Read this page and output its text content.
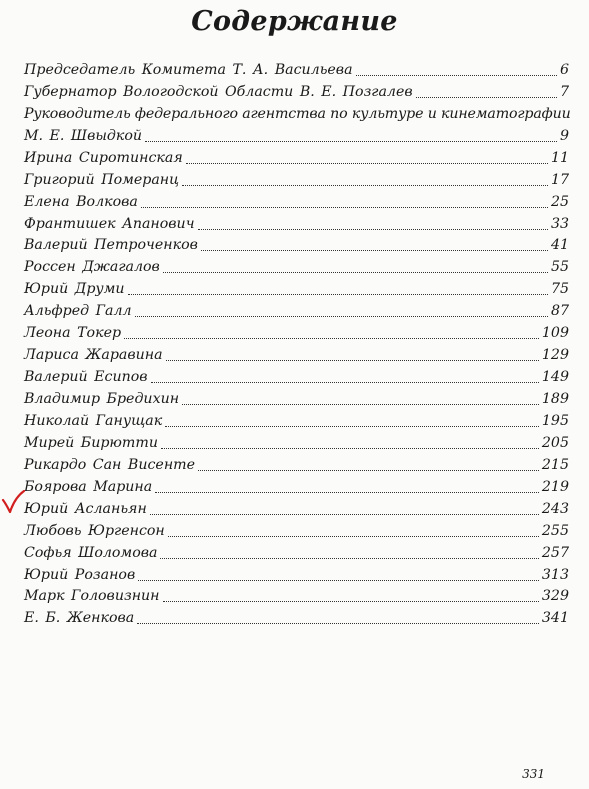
Содержание
Председатель Комитета Т. А. Васильева	6
Губернатор Вологодской Области В. Е. Позгалев	7
Руководитель федерального агентства по культуре и кинематографии
М. Е. Швыдкой	9
Ирина Сиротинская	11
Григорий Померанц	17
Елена Волкова	25
Франтишек Апанович	33
Валерий Петроченков	41
Россен Джагалов	55
Юрий Друми	75
Альфред Галл	87
Леона Токер	109
Лариса Жаравина	129
Валерий Есипов	149
Владимир Бредихин	189
Николай Ганущак	195
Мирей Бирютти	205
Рикардо Сан Висенте	215
Боярова Марина	219
Юрий Асланьян	243
Любовь Юргенсон	255
Софья Шоломова	257
Юрий Розанов	313
Марк Головизнин	329
Е. Б. Женкова	341
331
